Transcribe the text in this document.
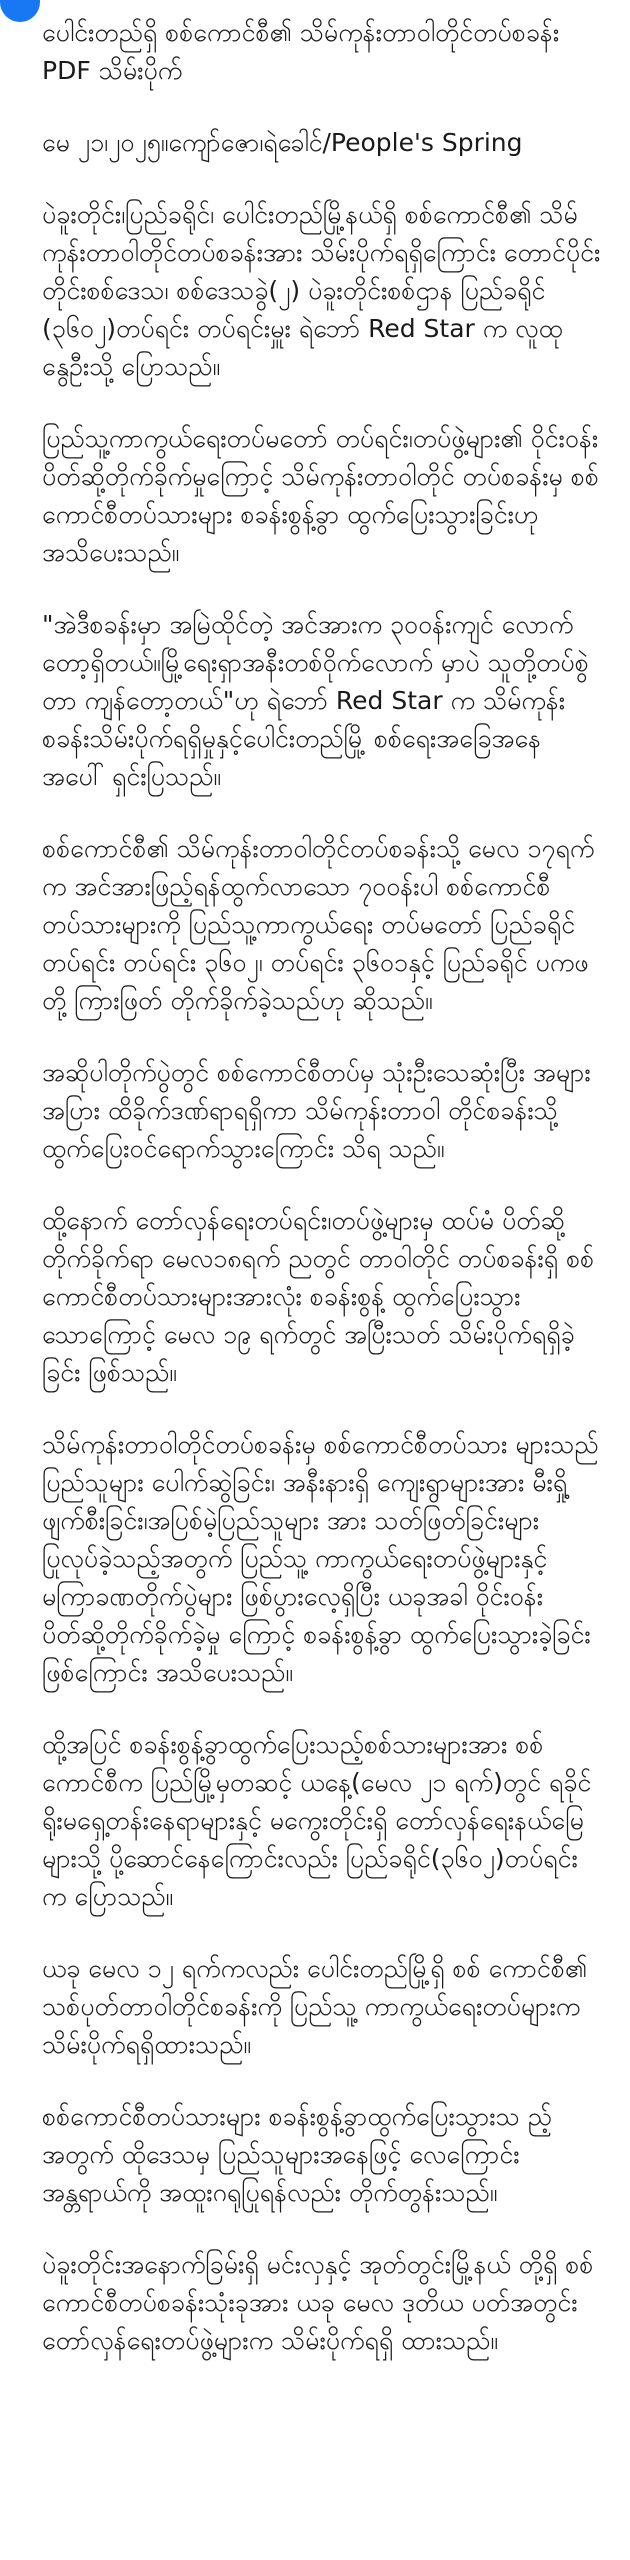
ပေါင်းတည်ရှိ စစ်ကောင်စီ၏ သိမ်ကုန်းတာဝါတိုင်တပ်စခန်း PDF သိမ်းပိုက်

မေ ၂၁၊၂၀၂၅။ကျော်ဇော၊ရဲခေါင်/People's Spring

ပဲခူးတိုင်း၊ပြည်ခရိုင်၊ ပေါင်းတည်မြို့နယ်ရှိ စစ်ကောင်စီ၏ သိမ်ကုန်းတာဝါတိုင်တပ်စခန်းအား သိမ်းပိုက်ရရှိကြောင်း တောင်ပိုင်းတိုင်းစစ်ဒေသ၊ စစ်ဒေသခွဲ(၂) ပဲခူးတိုင်းစစ်ဌာန ပြည်ခရိုင် (၃၆၀၂)တပ်ရင်း တပ်ရင်းမှူး ရဲဘော် Red Star က လူထုနွေဦးသို့ ပြောသည်။

ပြည်သူ့ကာကွယ်ရေးတပ်မတော် တပ်ရင်း၊တပ်ဖွဲ့များ၏ ဝိုင်းဝန်းပိတ်ဆို့တိုက်ခိုက်မှုကြောင့် သိမ်ကုန်းတာဝါတိုင် တပ်စခန်းမှ စစ်ကောင်စီတပ်သားများ စခန်းစွန့်ခွာ ထွက်ပြေးသွားခြင်းဟု အသိပေးသည်။

"အဲဒီစခန်းမှာ အမြဲထိုင်တဲ့ အင်အားက ၃၀ဝန်းကျင် လောက်တော့ရှိတယ်။မြို့ရေးရှာအနီးတစ်ဝိုက်လောက် မှာပဲ သူတို့တပ်စွဲတာ ကျန်တော့တယ်"ဟု ရဲဘော် Red Star က သိမ်ကုန်းစခန်းသိမ်းပိုက်ရရှိမှုနှင့်ပေါင်းတည်မြို့ စစ်ရေးအခြေအနေအပေါ် ရှင်းပြသည်။

စစ်ကောင်စီ၏ သိမ်ကုန်းတာဝါတိုင်တပ်စခန်းသို့ မေလ ၁၇ရက်က အင်အားဖြည့်ရန်ထွက်လာသော ၇၀ဝန်းပါ စစ်ကောင်စီတပ်သားများကို ပြည်သူ့ကာကွယ်ရေး တပ်မတော် ပြည်ခရိုင်တပ်ရင်း တပ်ရင်း ၃၆၀၂၊ တပ်ရင်း ၃၆၀၁နှင့် ပြည်ခရိုင် ပကဖတို့ ကြားဖြတ် တိုက်ခိုက်ခဲ့သည်ဟု ဆိုသည်။

အဆိုပါတိုက်ပွဲတွင် စစ်ကောင်စီတပ်မှ သုံးဦးသေဆုံးပြီး အများအပြား ထိခိုက်ဒဏ်ရာရရှိကာ သိမ်ကုန်းတာဝါ တိုင်စခန်းသို့ ထွက်ပြေးဝင်ရောက်သွားကြောင်း သိရ သည်။

ထို့နောက် တော်လှန်ရေးတပ်ရင်း၊တပ်ဖွဲ့များမှ ထပ်မံ ပိတ်ဆို့တိုက်ခိုက်ရာ မေလ၁၈ရက် ညတွင် တာဝါတိုင် တပ်စခန်းရှိ စစ်ကောင်စီတပ်သားများအားလုံး စခန်းစွန့် ထွက်ပြေးသွားသောကြောင့် မေလ ၁၉ ရက်တွင် အပြီးသတ် သိမ်းပိုက်ရရှိခဲ့ခြင်း ဖြစ်သည်။

သိမ်ကုန်းတာဝါတိုင်တပ်စခန်းမှ စစ်ကောင်စီတပ်သား များသည် ပြည်သူများ ပေါက်ဆွဲခြင်း၊ အနီးနားရှိ ကျေးရွာများအား မီးရှို့ဖျက်စီးခြင်း၊အပြစ်မဲ့ပြည်သူများ အား သတ်ဖြတ်ခြင်းများ ပြုလုပ်ခဲ့သည့်အတွက် ပြည်သူ့ ကာကွယ်ရေးတပ်ဖွဲ့များနှင့် မကြာခဏတိုက်ပွဲများ ဖြစ်ပွားလေ့ရှိပြီး ယခုအခါ ဝိုင်းဝန်းပိတ်ဆို့တိုက်ခိုက်ခဲ့မှု ကြောင့် စခန်းစွန့်ခွာ ထွက်ပြေးသွားခဲ့ခြင်းဖြစ်ကြောင်း အသိပေးသည်။

ထို့အပြင် စခန်းစွန့်ခွာထွက်ပြေးသည့်စစ်သားများအား စစ်ကောင်စီက ပြည်မြို့မှတဆင့် ယနေ့(မေလ ၂၁ ရက်)တွင် ရခိုင်ရိုးမရှေ့တန်းနေရာများနှင့် မကွေးတိုင်းရှိ တော်လှန်ရေးနယ်မြေများသို့ ပို့ဆောင်နေကြောင်းလည်း ပြည်ခရိုင်(၃၆၀၂)တပ်ရင်းက ပြောသည်။

ယခု မေလ ၁၂ ရက်ကလည်း ပေါင်းတည်မြို့ရှိ စစ် ကောင်စီ၏ သစ်ပုတ်တာဝါတိုင်စခန်းကို ပြည်သူ့ ကာကွယ်ရေးတပ်များက သိမ်းပိုက်ရရှိထားသည်။

စစ်ကောင်စီတပ်သားများ စခန်းစွန့်ခွာထွက်ပြေးသွားသ ည့်အတွက် ထိုဒေသမှ ပြည်သူများအနေဖြင့် လေကြောင်းအန္တရာယ်ကို အထူးဂရုပြုရန်လည်း တိုက်တွန်းသည်။

ပဲခူးတိုင်းအနောက်ခြမ်းရှိ မင်းလှနှင့် အုတ်တွင်းမြို့နယ် တို့ရှိ စစ်ကောင်စီတပ်စခန်းသုံးခုအား ယခု မေလ ဒုတိယ ပတ်အတွင်း တော်လှန်ရေးတပ်ဖွဲ့များက သိမ်းပိုက်ရရှိ ထားသည်။
